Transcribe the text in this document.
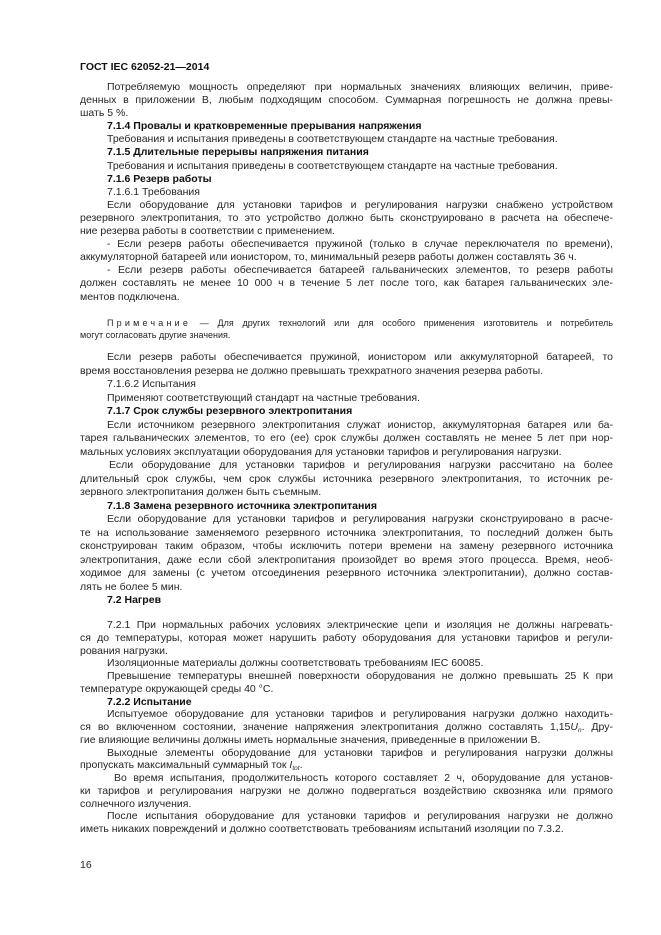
ГОСТ IEC 62052-21—2014
Потребляемую мощность определяют при нормальных значениях влияющих величин, приве-
денных в приложении В, любым подходящим способом. Суммарная погрешность не должна превы-
шать 5 %.
7.1.4 Провалы и кратковременные прерывания напряжения
Требования и испытания приведены в соответствующем стандарте на частные требования.
7.1.5 Длительные перерывы напряжения питания
Требования и испытания приведены в соответствующем стандарте на частные требования.
7.1.6 Резерв работы
7.1.6.1 Требования
Если оборудование для установки тарифов и регулирования нагрузки снабжено устройством
резервного электропитания, то это устройство должно быть сконструировано в расчета на обеспече-
ние резерва работы в соответствии с применением.
- Если резерв работы обеспечивается пружиной (только в случае переключателя по времени),
аккумуляторной батареей или ионистором, то, минимальный резерв работы должен составлять 36 ч.
- Если резерв работы обеспечивается батареей гальванических элементов, то резерв работы
должен составлять не менее 10 000 ч в течение 5 лет после того, как батарея гальванических эле-
ментов подключена.
Примечание — Для других технологий или для особого применения изготовитель и потребитель
могут согласовать другие значения.
Если резерв работы обеспечивается пружиной, ионистором или аккумуляторной батареей, то
время восстановления резерва не должно превышать трехкратного значения резерва работы.
7.1.6.2 Испытания
Применяют соответствующий стандарт на частные требования.
7.1.7 Срок службы резервного электропитания
Если источником резервного электропитания служат ионистор, аккумуляторная батарея или ба-
тарея гальванических элементов, то его (ее) срок службы должен составлять не менее 5 лет при нор-
мальных условиях эксплуатации оборудования для установки тарифов и регулирования нагрузки.
Если оборудование для установки тарифов и регулирования нагрузки рассчитано на более
длительный срок службы, чем срок службы источника резервного электропитания, то источник ре-
зервного электропитания должен быть съемным.
7.1.8 Замена резервного источника электропитания
Если оборудование для установки тарифов и регулирования нагрузки сконструировано в расче-
те на использование заменяемого резервного источника электропитания, то последний должен быть
сконструирован таким образом, чтобы исключить потери времени на замену резервного источника
электропитания, даже если сбой электропитания произойдет во время этого процесса. Время, необ-
ходимое для замены (с учетом отсоединения резервного источника электропитании), должно состав-
лять не более 5 мин.
7.2 Нагрев
7.2.1 При нормальных рабочих условиях электрические цепи и изоляция не должны нагревать-
ся до температуры, которая может нарушить работу оборудования для установки тарифов и регули-
рования нагрузки.
Изоляционные материалы должны соответствовать требованиям IEC 60085.
Превышение температуры внешней поверхности оборудования не должно превышать 25 К при
температуре окружающей среды 40 °С.
7.2.2 Испытание
Испытуемое оборудование для установки тарифов и регулирования нагрузки должно находить-
ся во включенном состоянии, значение напряжения электропитания должно составлять $1,15U_n$. Дру-
гие влияющие величины должны иметь нормальные значения, приведенные в приложении В.
Выходные элементы оборудование для установки тарифов и регулирования нагрузки должны
пропускать максимальный суммарный ток $I_{tot}$.
Во время испытания, продолжительность которого составляет 2 ч, оборудование для установ-
ки тарифов и регулирования нагрузки не должно подвергаться воздействию сквозняка или прямого
солнечного излучения.
После испытания оборудование для установки тарифов и регулирования нагрузки не должно
иметь никаких повреждений и должно соответствовать требованиям испытаний изоляции по 7.3.2.
16
